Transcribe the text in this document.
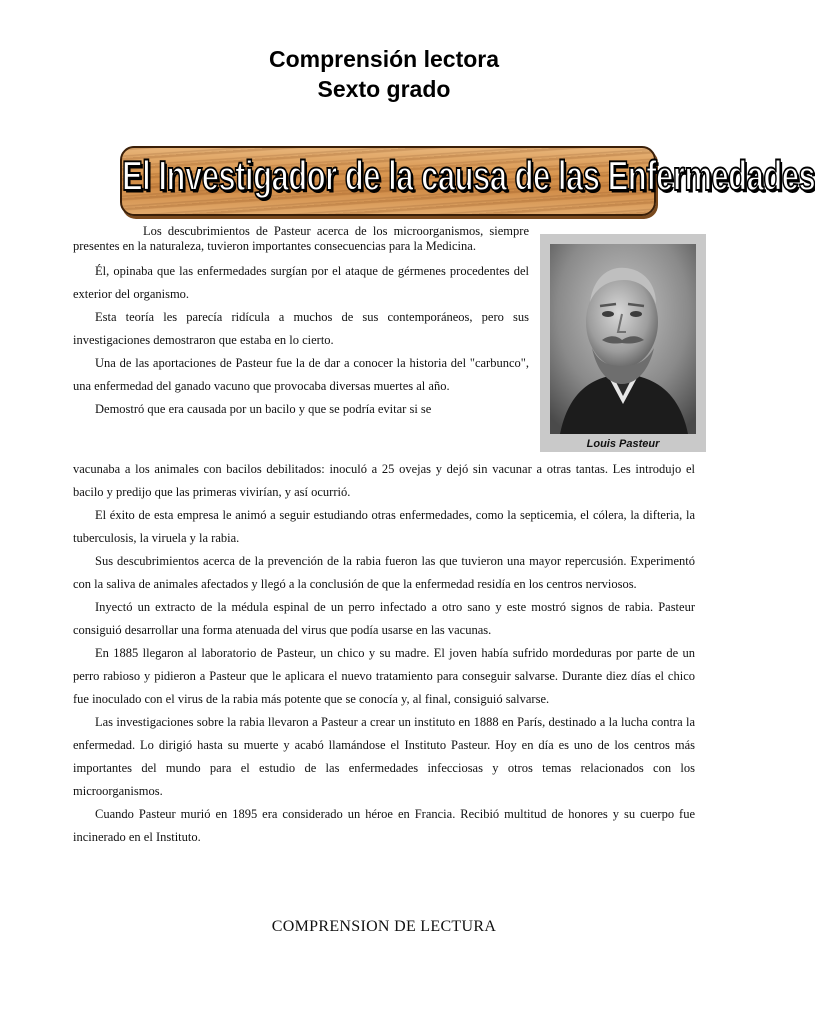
Comprensión lectora
Sexto grado
El Investigador de la causa de las Enfermedades
Louis Pasteur

Los descubrimientos de Pasteur acerca de los microorganismos, siempre presentes en la naturaleza, tuvieron importantes consecuencias para la Medicina.

Él, opinaba que las enfermedades surgían por el ataque de gérmenes procedentes del exterior del organismo.

Esta teoría les parecía ridícula a muchos de sus contemporáneos, pero sus investigaciones demostraron que estaba en lo cierto.

Una de las aportaciones de Pasteur fue la de dar a conocer la historia del "carbunco", una enfermedad del ganado vacuno que provocaba diversas muertes al año.

Demostró que era causada por un bacilo y que se podría evitar si se

vacunaba a los animales con bacilos debilitados: inoculó a 25 ovejas y dejó sin vacunar a otras tantas. Les introdujo el bacilo y predijo que las primeras vivirían, y así ocurrió.

El éxito de esta empresa le animó a seguir estudiando otras enfermedades, como la septicemia, el cólera, la difteria, la tuberculosis, la viruela y la rabia.

Sus descubrimientos acerca de la prevención de la rabia fueron las que tuvieron una mayor repercusión. Experimentó con la saliva de animales afectados y llegó a la conclusión de que la enfermedad residía en los centros nerviosos.

Inyectó un extracto de la médula espinal de un perro infectado a otro sano y este mostró signos de rabia. Pasteur consiguió desarrollar una forma atenuada del virus que podía usarse en las vacunas.

En 1885 llegaron al laboratorio de Pasteur, un chico y su madre. El joven había sufrido mordeduras por parte de un perro rabioso y pidieron a Pasteur que le aplicara el nuevo tratamiento para conseguir salvarse. Durante diez días el chico fue inoculado con el virus de la rabia más potente que se conocía y, al final, consiguió salvarse.

Las investigaciones sobre la rabia llevaron a Pasteur a crear un instituto en 1888 en París, destinado a la lucha contra la enfermedad. Lo dirigió hasta su muerte y acabó llamándose el Instituto Pasteur. Hoy en día es uno de los centros más importantes del mundo para el estudio de las enfermedades infecciosas y otros temas relacionados con los microorganismos.

Cuando Pasteur murió en 1895 era considerado un héroe en Francia. Recibió multitud de honores y su cuerpo fue incinerado en el Instituto.

COMPRENSION DE LECTURA
